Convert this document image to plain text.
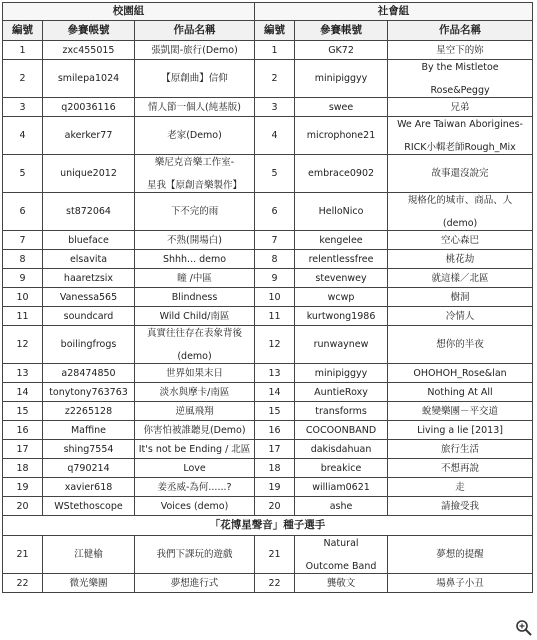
校園組			社會組		
編號	參賽帳號	作品名稱	編號	參賽帳號	作品名稱

1	zxc455015	張凱閎-旅行(Demo)	1	GK72	星空下的妳

2	smilepa1024	【原創曲】信仰	2	minipiggyy	By the Mistletoe
Rose&Peggy

3	q20036116	情人節一個人(純基版)	3	swee	兄弟

4	akerker77	老家(Demo)	4	microphone21	We Are Taiwan Aborigines-
RICK小輯老師Rough_Mix

5	unique2012	樂尼克音樂工作室-
星我【原創音樂製作】	5	embrace0902	故事還沒說完

6	st872064	下不完的雨	6	HelloNico	規格化的城市、商品、人
(demo)

7	blueface	不熟(開場白)	7	kengelee	空心森巴

8	elsavita	Shhh... demo	8	relentlessfree	桃花劫

9	haaretzsix	瞳 /中區	9	stevenwey	就這樣／北區

10	Vanessa565	Blindness	10	wcwp	樹洞

11	soundcard	Wild Child/南區	11	kurtwong1986	冷情人

12	boilingfrogs	真實往往存在表象背後
(demo)	12	runwaynew	想你的半夜

13	a28474850	世界如果末日	13	minipiggyy	OHOHOH_Rose&lan

14	tonytony763763	淡水與摩卡/南區	14	AuntieRoxy	Nothing At All

15	z2265128	逆風飛翔	15	transforms	蛻變樂團－平交道

16	Maffine	你害怕被誰聽見(Demo)	16	COCOONBAND	Living a lie [2013]

17	shing7554	It's not be Ending / 北區	17	dakisdahuan	旅行生活

18	q790214	Love	18	breakice	不想再說

19	xavier618	姜丞威-為何......?	19	william0621	走

20	WStethoscope	Voices (demo)	20	ashe	請撿受我

「花博星聲音」種子選手					

21	江健榆	我們下課玩的遊戲	21	Natural
Outcome Band	夢想的提醒

22	微光樂團	夢想進行式	22	龔敬文	場鼻子小丑
